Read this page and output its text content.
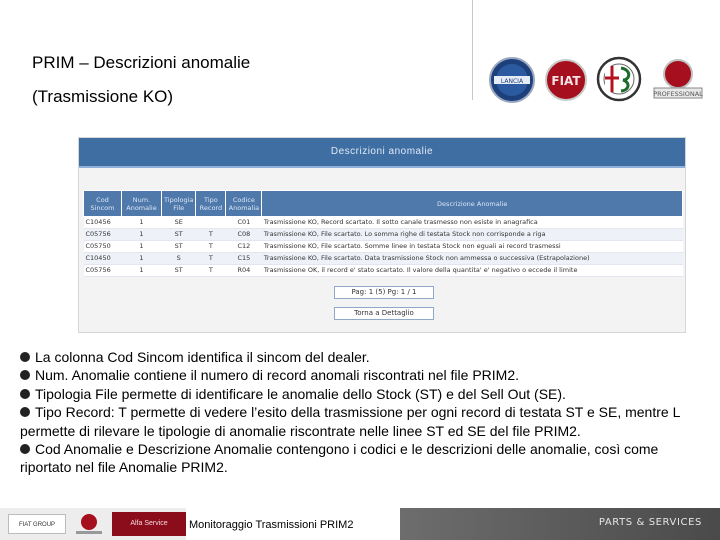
PRIM – Descrizioni anomalie
(Trasmissione KO)
LANCIA FIAT
PROFESSIONAL
Descrizioni anomalie
Cod Sincom	Num. Anomalie	Tipologia File	Tipo Record	Codice Anomalia	Descrizione Anomalie
C10456	1	SE		C01	Trasmissione KO, Record scartato. Il sotto canale trasmesso non esiste in anagrafica
C05756	1	ST	T	C08	Trasmissione KO, File scartato. Lo somma righe di testata Stock non corrisponde a riga
C05750	1	ST	T	C12	Trasmissione KO, File scartato. Somme linee in testata Stock non eguali ai record trasmessi
C10450	1	S	T	C15	Trasmissione KO, File scartato. Data trasmissione Stock non ammessa o successiva (Estrapolazione)
C05756	1	ST	T	R04	Trasmissione OK, il record e' stato scartato. Il valore della quantita' e' negativo o eccede il limite
Pag: 1 (5) Pg: 1 / 1
Torna a Dettaglio
La colonna Cod Sincom identifica il sincom del dealer.
Num. Anomalie contiene il numero di record anomali riscontrati nel file PRIM2.
Tipologia File permette di identificare le anomalie dello Stock (ST) e del Sell Out (SE).
Tipo Record: T permette di vedere l’esito della trasmissione per ogni record di testata ST e SE, mentre L permette di rilevare le tipologie di anomalie riscontrate nelle linee ST ed SE del file PRIM2.
Cod Anomalie e Descrizione Anomalie contengono i codici e le descrizioni delle anomalie, così come riportato nel file Anomalie PRIM2.
FIAT GROUP	Alfa Service	Monitoraggio Trasmissioni PRIM2	PARTS & SERVICES
